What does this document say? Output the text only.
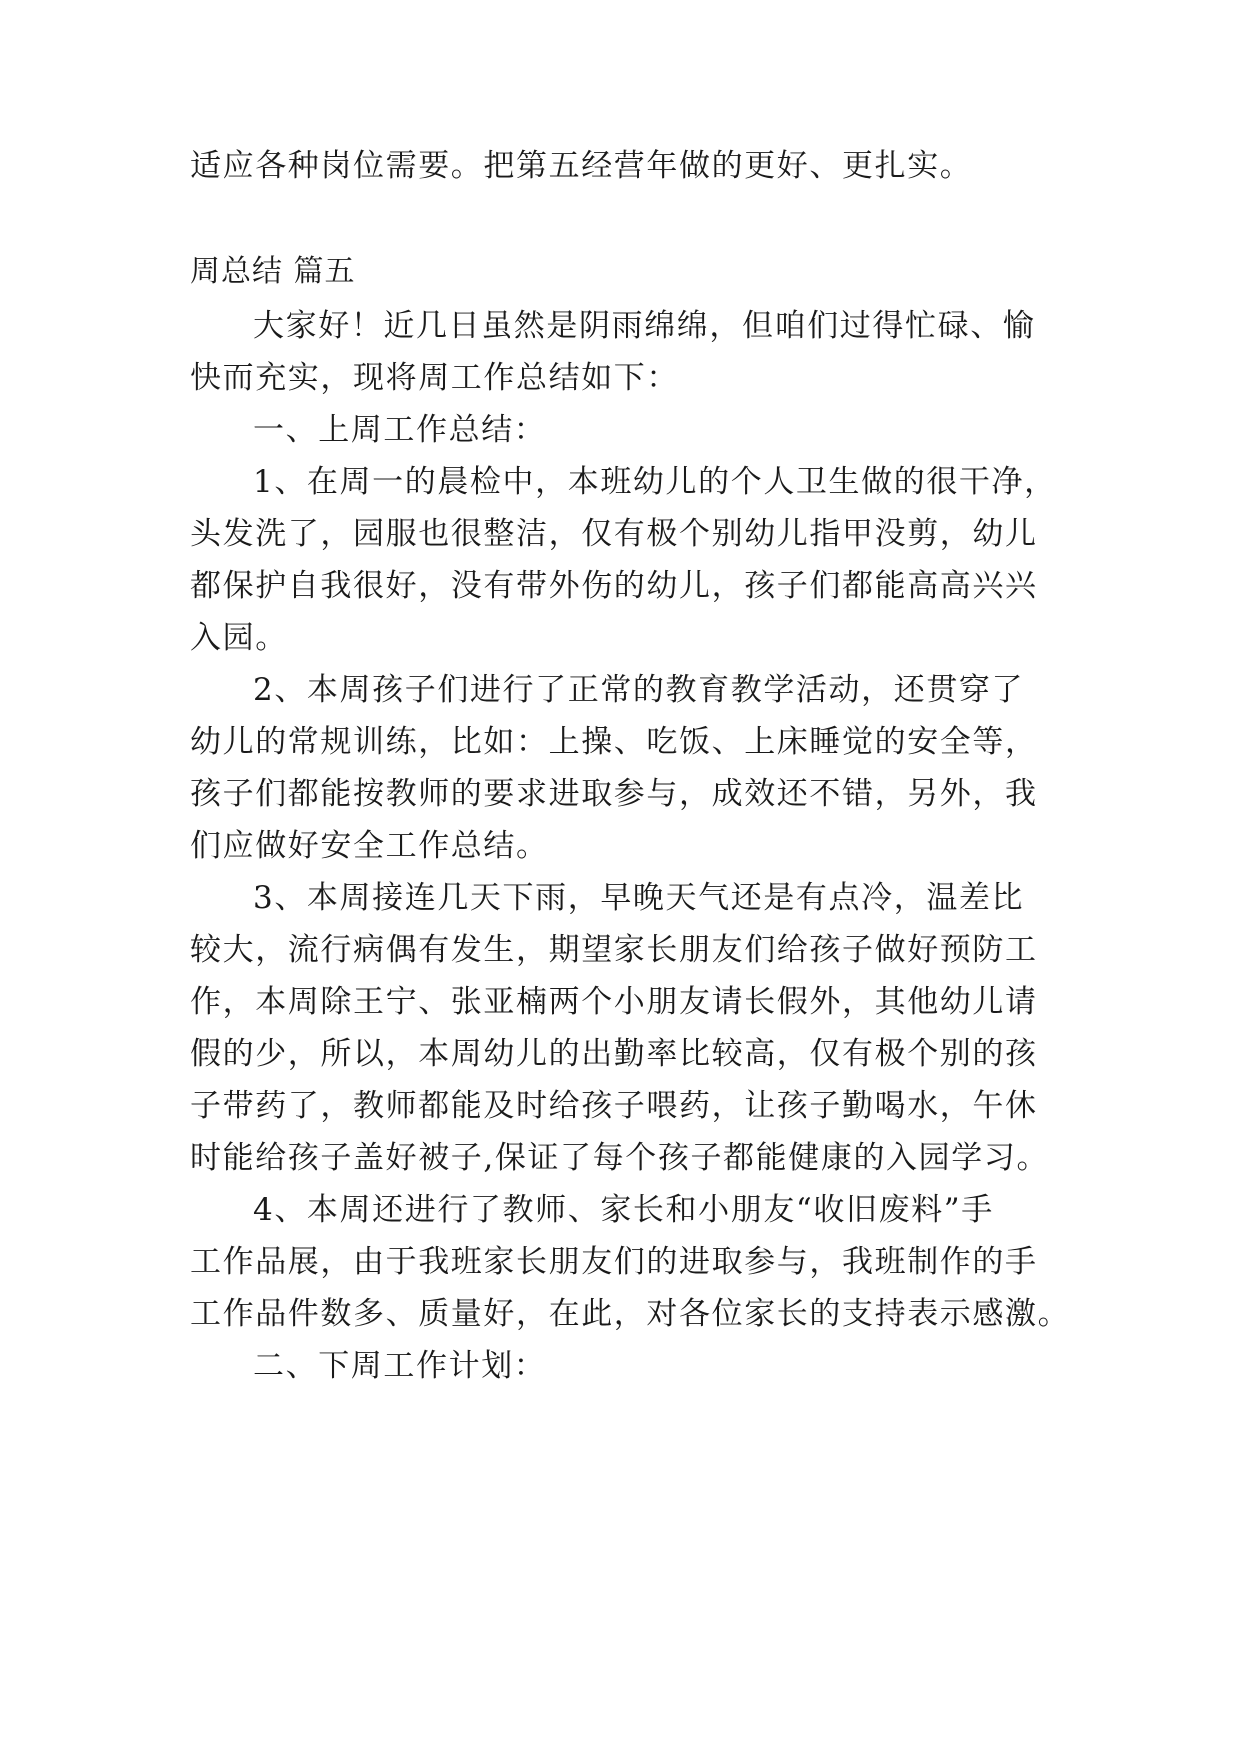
适应各种岗位需要。把第五经营年做的更好、更扎实。
周总结 篇五
大家好！近几日虽然是阴雨绵绵，但咱们过得忙碌、愉
快而充实，现将周工作总结如下：
一、上周工作总结：
1、在周一的晨检中，本班幼儿的个人卫生做的很干净，
头发洗了，园服也很整洁，仅有极个别幼儿指甲没剪，幼儿
都保护自我很好，没有带外伤的幼儿，孩子们都能高高兴兴
入园。
2、本周孩子们进行了正常的教育教学活动，还贯穿了
幼儿的常规训练，比如：上操、吃饭、上床睡觉的安全等，
孩子们都能按教师的要求进取参与，成效还不错，另外，我
们应做好安全工作总结。
3、本周接连几天下雨，早晚天气还是有点冷，温差比
较大，流行病偶有发生，期望家长朋友们给孩子做好预防工
作，本周除王宁、张亚楠两个小朋友请长假外，其他幼儿请
假的少，所以，本周幼儿的出勤率比较高，仅有极个别的孩
子带药了，教师都能及时给孩子喂药，让孩子勤喝水，午休
时能给孩子盖好被子,保证了每个孩子都能健康的入园学习。
4、本周还进行了教师、家长和小朋友“收旧废料”手
工作品展，由于我班家长朋友们的进取参与，我班制作的手
工作品件数多、质量好，在此，对各位家长的支持表示感激。
二、下周工作计划：
